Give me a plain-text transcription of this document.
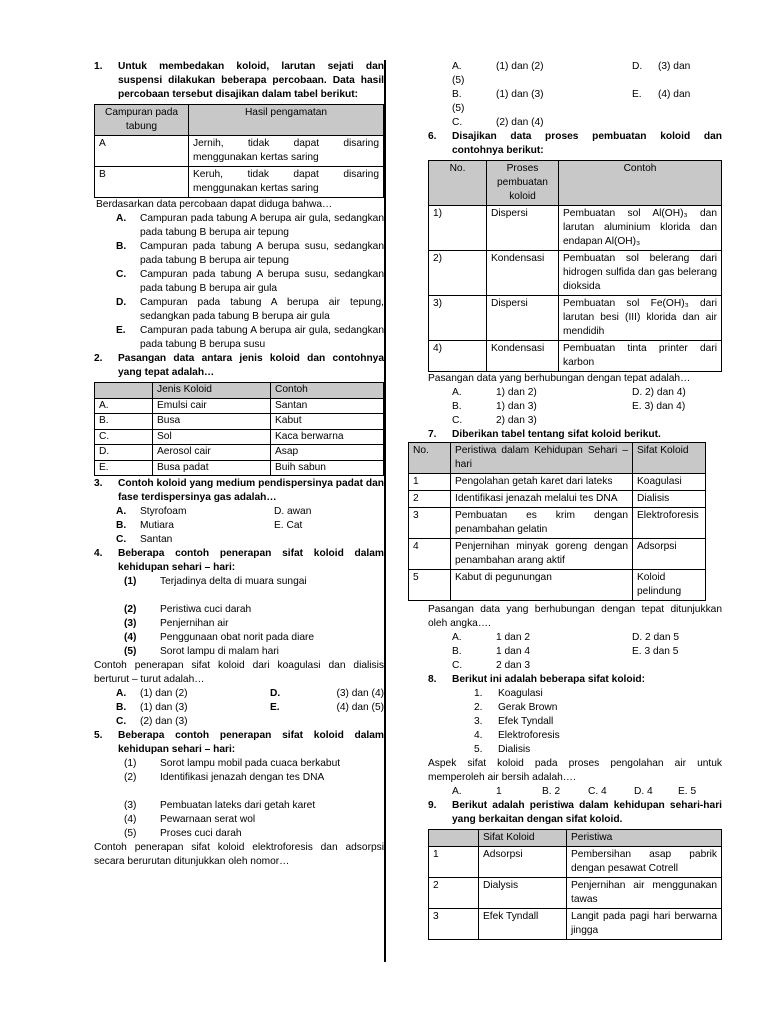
1.	Untuk membedakan koloid, larutan sejati dan suspensi dilakukan beberapa percobaan. Data hasil percobaan tersebut disajikan dalam tabel berikut:
Campuran pada tabung	Hasil pengamatan
A	Jernih, tidak dapat disaring menggunakan kertas saring
B	Keruh, tidak dapat disaring menggunakan kertas saring
Berdasarkan data percobaan dapat diduga bahwa…
A.	Campuran pada tabung A berupa air gula, sedangkan pada tabung B berupa air tepung
B.	Campuran pada tabung A berupa susu, sedangkan pada tabung B berupa air tepung
C.	Campuran pada tabung A berupa susu, sedangkan pada tabung B berupa air gula
D.	Campuran pada tabung A berupa air tepung, sedangkan pada tabung B berupa air gula
E.	Campuran pada tabung A berupa air gula, sedangkan pada tabung B berupa susu
2.	Pasangan data antara jenis koloid dan contohnya yang tepat adalah…
	Jenis Koloid	Contoh
A.	Emulsi cair	Santan
B.	Busa	Kabut
C.	Sol	Kaca berwarna
D.	Aerosol cair	Asap
E.	Busa padat	Buih sabun
3.	Contoh koloid yang medium pendispersinya padat dan fase terdispersinya gas adalah…
A.	Styrofoam	D. awan
B.	Mutiara	E. Cat
C.	Santan
4.	Beberapa contoh penerapan sifat koloid dalam kehidupan sehari – hari:
(1)	Terjadinya delta di muara sungai
(2)	Peristiwa cuci darah
(3)	Penjernihan air
(4)	Penggunaan obat norit pada diare
(5)	Sorot lampu di malam hari
Contoh penerapan sifat koloid dari koagulasi dan dialisis berturut – turut adalah…
A.	(1) dan (2)	D.	(3) dan (4)
B.	(1) dan (3)	E.	(4) dan (5)
C.	(2) dan (3)
5.	Beberapa contoh penerapan sifat koloid dalam kehidupan sehari – hari:
(1)	Sorot lampu mobil pada cuaca berkabut
(2)	Identifikasi jenazah dengan tes DNA
(3)	Pembuatan lateks dari getah karet
(4)	Pewarnaan serat wol
(5)	Proses cuci darah
Contoh penerapan sifat koloid elektroforesis dan adsorpsi secara berurutan ditunjukkan oleh nomor…
A.	(1) dan (2)	D.	(3) dan
(5)
B.	(1) dan (3)	E.	(4) dan
(5)
C.	(2) dan (4)
6.	Disajikan data proses pembuatan koloid dan contohnya berikut:
No.	Proses pembuatan koloid	Contoh
1)	Dispersi	Pembuatan sol Al(OH)₃ dan larutan aluminium klorida dan endapan Al(OH)₃
2)	Kondensasi	Pembuatan sol belerang dari hidrogen sulfida dan gas belerang dioksida
3)	Dispersi	Pembuatan sol Fe(OH)₃ dari larutan besi (III) klorida dan air mendidih
4)	Kondensasi	Pembuatan tinta printer dari karbon
Pasangan data yang berhubungan dengan tepat adalah…
A.	1) dan 2)	D. 2) dan 4)
B.	1) dan 3)	E. 3) dan 4)
C.	2) dan 3)
7.	Diberikan tabel tentang sifat koloid berikut.
No.	Peristiwa dalam Kehidupan Sehari – hari	Sifat Koloid
1	Pengolahan getah karet dari lateks	Koagulasi
2	Identifikasi jenazah melalui tes DNA	Dialisis
3	Pembuatan es krim dengan penambahan gelatin	Elektroforesis
4	Penjernihan minyak goreng dengan penambahan arang aktif	Adsorpsi
5	Kabut di pegunungan	Koloid pelindung
Pasangan data yang berhubungan dengan tepat ditunjukkan oleh angka….
A.	1 dan 2	D. 2 dan 5
B.	1 dan 4	E. 3 dan 5
C.	2 dan 3
8.	Berikut ini adalah beberapa sifat koloid:
1.	Koagulasi
2.	Gerak Brown
3.	Efek Tyndall
4.	Elektroforesis
5.	Dialisis
Aspek sifat koloid pada proses pengolahan air untuk memperoleh air bersih adalah….
A.	1	B. 2	C. 4	D. 4	E. 5
9.	Berikut adalah peristiwa dalam kehidupan sehari-hari yang berkaitan dengan sifat koloid.
	Sifat Koloid	Peristiwa
1	Adsorpsi	Pembersihan asap pabrik dengan pesawat Cotrell
2	Dialysis	Penjernihan air menggunakan tawas
3	Efek Tyndall	Langit pada pagi hari berwarna jingga
